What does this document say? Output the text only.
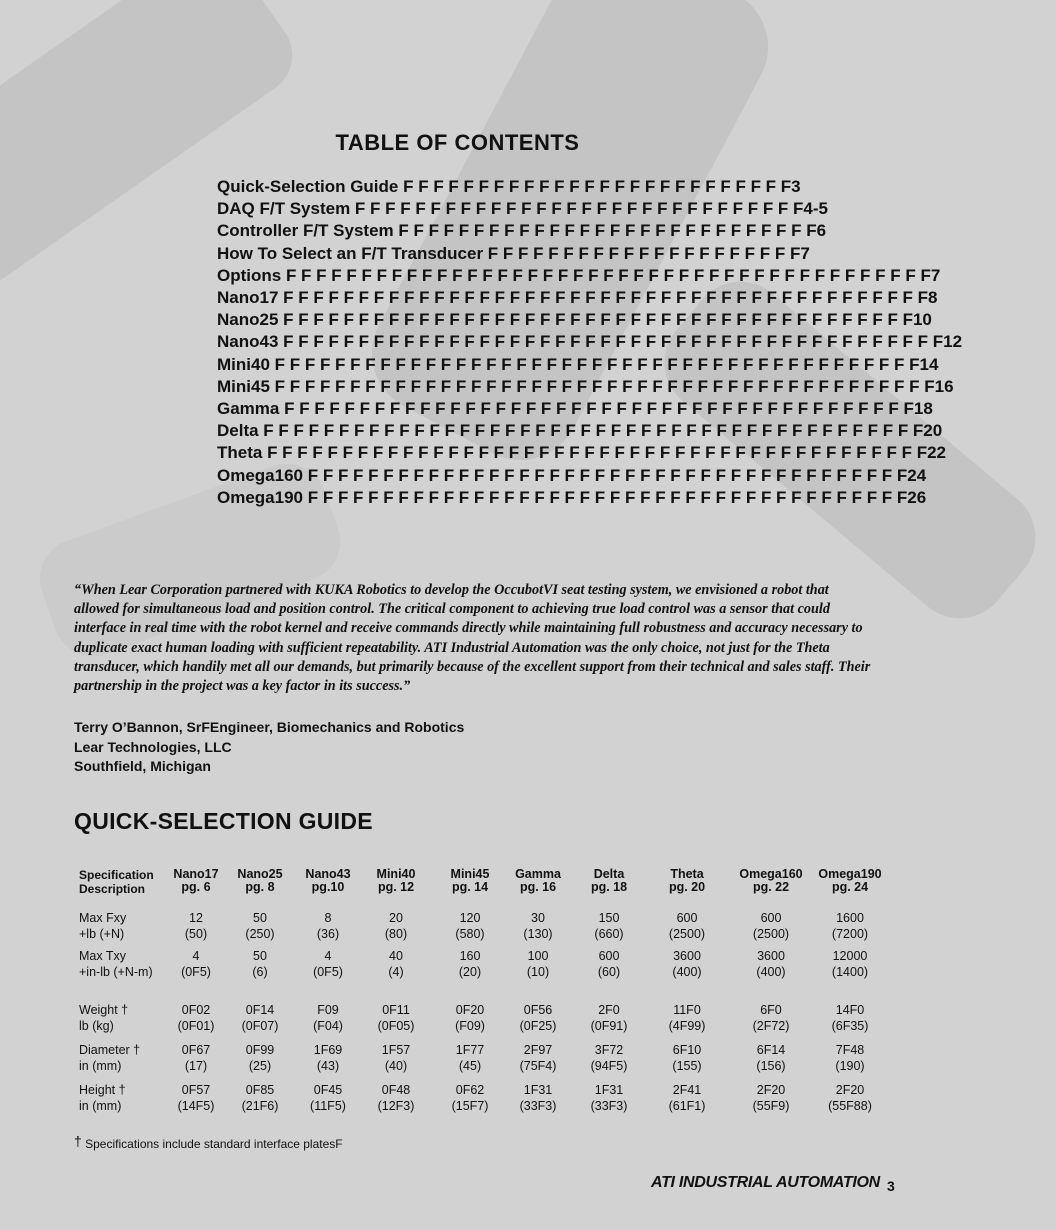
TABLE OF CONTENTS
Quick-Selection Guide F F F F F F F F F F F F F F F F F F F F F F F F F F3
DAQ F/T System F F F F F F F F F F F F F F F F F F F F F F F F F F F F F F4-5
Controller F/T System F F F F F F F F F F F F F F F F F F F F F F F F F F F F6
How To Select an F/T Transducer F F F F F F F F F F F F F F F F F F F F F7
Options F F F F F F F F F F F F F F F F F F F F F F F F F F F F F F F F F F F F F F F F F F F7
Nano17 F F F F F F F F F F F F F F F F F F F F F F F F F F F F F F F F F F F F F F F F F F F8
Nano25 F F F F F F F F F F F F F F F F F F F F F F F F F F F F F F F F F F F F F F F F F F10
Nano43 F F F F F F F F F F F F F F F F F F F F F F F F F F F F F F F F F F F F F F F F F F F F12
Mini40 F F F F F F F F F F F F F F F F F F F F F F F F F F F F F F F F F F F F F F F F F F F14
Mini45 F F F F F F F F F F F F F F F F F F F F F F F F F F F F F F F F F F F F F F F F F F F F16
Gamma F F F F F F F F F F F F F F F F F F F F F F F F F F F F F F F F F F F F F F F F F F18
Delta F F F F F F F F F F F F F F F F F F F F F F F F F F F F F F F F F F F F F F F F F F F F20
Theta F F F F F F F F F F F F F F F F F F F F F F F F F F F F F F F F F F F F F F F F F F F F22
Omega160 F F F F F F F F F F F F F F F F F F F F F F F F F F F F F F F F F F F F F F F F24
Omega190 F F F F F F F F F F F F F F F F F F F F F F F F F F F F F F F F F F F F F F F F26
“When Lear Corporation partnered with KUKA Robotics to develop the OccubotVI seat testing system, we envisioned a robot that allowed for simultaneous load and position control. The critical component to achieving true load control was a sensor that could interface in real time with the robot kernel and receive commands directly while maintaining full robustness and accuracy necessary to duplicate exact human loading with sufficient repeatability. ATI Industrial Automation was the only choice, not just for the Theta transducer, which handily met all our demands, but primarily because of the excellent support from their technical and sales staff. Their partnership in the project was a key factor in its success.”
Terry O’Bannon, SrFEngineer, Biomechanics and Robotics
Lear Technologies, LLC
Southfield, Michigan
QUICK-SELECTION GUIDE
Specification
Description
Nano17
pg. 6
Nano25
pg. 8
Nano43
pg.10
Mini40
pg. 12
Mini45
pg. 14
Gamma
pg. 16
Delta
pg. 18
Theta
pg. 20
Omega160
pg. 22
Omega190
pg. 24
Max Fxy
+lb (+N)
12
(50)
50
(250)
8
(36)
20
(80)
120
(580)
30
(130)
150
(660)
600
(2500)
600
(2500)
1600
(7200)
Max Txy
+in-lb (+N-m)
4
(0F5)
50
(6)
4
(0F5)
40
(4)
160
(20)
100
(10)
600
(60)
3600
(400)
3600
(400)
12000
(1400)
Weight †
lb (kg)
0F02
(0F01)
0F14
(0F07)
F09
(F04)
0F11
(0F05)
0F20
(F09)
0F56
(0F25)
2F0
(0F91)
11F0
(4F99)
6F0
(2F72)
14F0
(6F35)
Diameter †
in (mm)
0F67
(17)
0F99
(25)
1F69
(43)
1F57
(40)
1F77
(45)
2F97
(75F4)
3F72
(94F5)
6F10
(155)
6F14
(156)
7F48
(190)
Height †
in (mm)
0F57
(14F5)
0F85
(21F6)
0F45
(11F5)
0F48
(12F3)
0F62
(15F7)
1F31
(33F3)
1F31
(33F3)
2F41
(61F1)
2F20
(55F9)
2F20
(55F88)
† Specifications include standard interface platesF
ATI INDUSTRIAL AUTOMATION 3
